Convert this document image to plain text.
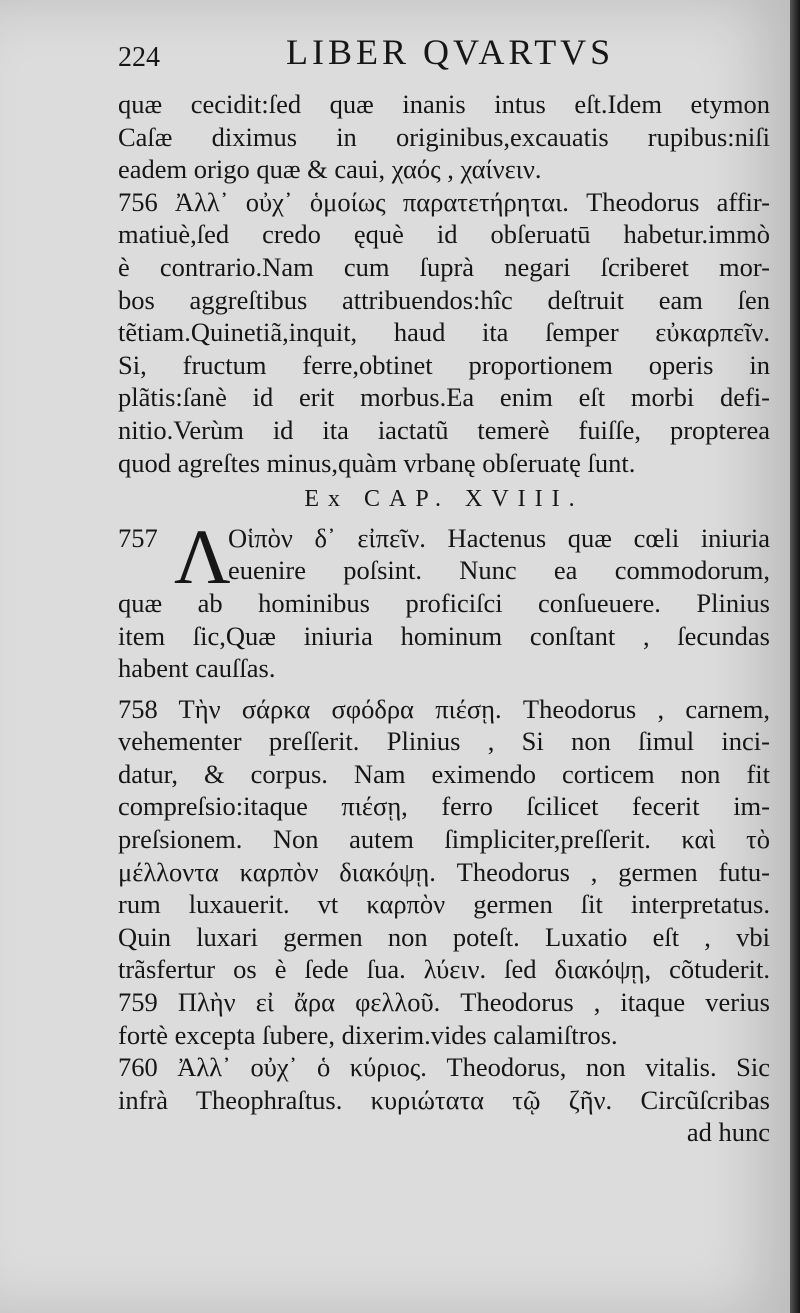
224	LIBER QVARTVS
quæ cecidit:ſed quæ inanis intus eſt.Idem etymon
Caſæ diximus in originibus,excauatis rupibus:niſi
eadem origo quæ & caui, χαός , χαίνειν.
756 Ἀλλ᾽ οὐχ᾽ ὁμοίως παρατετήρηται. Theodorus affir-
matiuè,ſed credo ęquè id obſeruatū habetur.immò
è contrario.Nam cum ſuprà negari ſcriberet mor-
bos aggreſtibus attribuendos:hîc deſtruit eam ſen
tẽtiam.Quinetiã,inquit, haud ita ſemper εὐκαρπεῖν.
Si, fructum ferre,obtinet proportionem operis in
plãtis:ſanè id erit morbus.Ea enim eſt morbi defi-
nitio.Verùm id ita iactatũ temerè fuiſſe, propterea
quod agreſtes minus,quàm vrbanę obſeruatę ſunt.
Ex CAP. XVIII.
Λ
757	Οἱπὸν δ᾽ εἰπεῖν. Hactenus quæ cœli iniuria
euenire poſsint. Nunc ea commodorum,
quæ ab hominibus proficiſci conſueuere. Plinius
item ſic,Quæ iniuria hominum conſtant , ſecundas
habent cauſſas.
758 Τὴν σάρκα σφόδρα πιέσῃ. Theodorus , carnem,
vehementer preſſerit. Plinius , Si non ſimul inci-
datur, & corpus. Nam eximendo corticem non fit
compreſsio:itaque πιέσῃ, ferro ſcilicet fecerit im-
preſsionem. Non autem ſimpliciter,preſſerit. καὶ τὸ
μέλλοντα καρπὸν διακόψῃ. Theodorus , germen futu-
rum luxauerit. vt καρπὸν germen ſit interpretatus.
Quin luxari germen non poteſt. Luxatio eſt , vbi
trãsfertur os è ſede ſua. λύειν. ſed διακόψῃ, cõtuderit.
759 Πλὴν εἰ ἄρα φελλοῦ. Theodorus , itaque verius
fortè excepta ſubere, dixerim.vides calamiſtros.
760 Ἀλλ᾽ οὐχ᾽ ὁ κύριος. Theodorus, non vitalis. Sic
infrà Theophraſtus. κυριώτατα τῷ ζῆν. Circũſcribas
ad hunc
